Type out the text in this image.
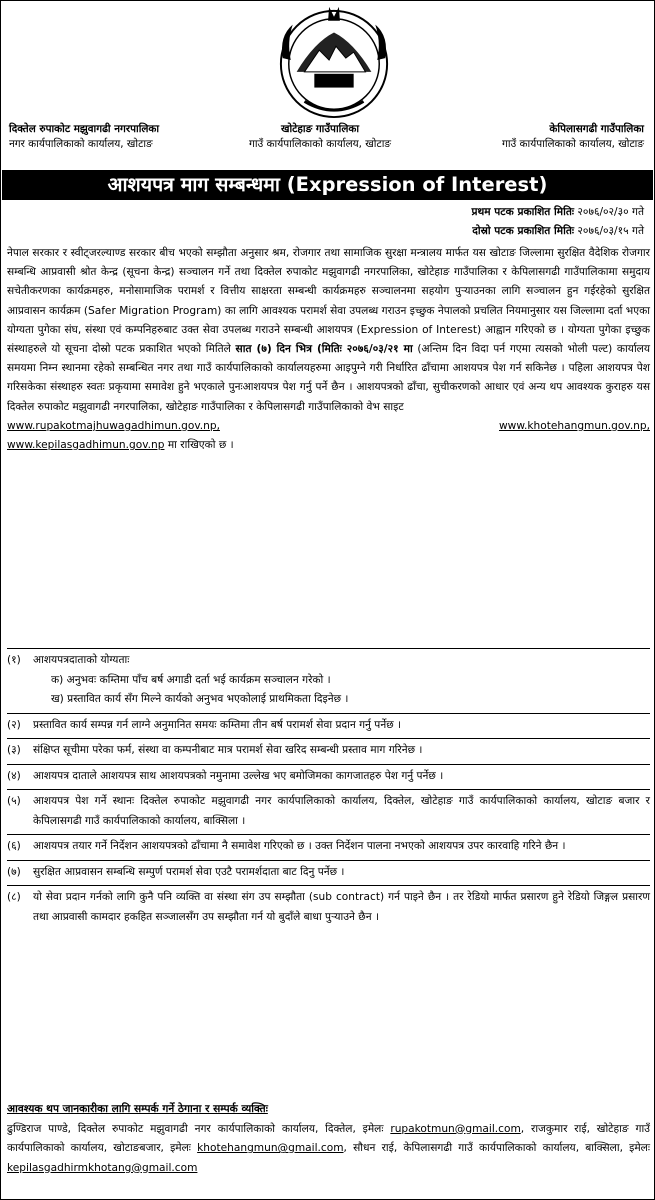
दिक्तेल रुपाकोट मझुवागढी नगरपालिका
नगर कार्यपालिकाको कार्यालय, खोटाङ
खोटेहाङ गाउँपालिका
गाउँ कार्यपालिकाको कार्यालय, खोटाङ
केपिलासगढी गाउँपालिका
गाउँ कार्यपालिकाको कार्यालय, खोटाङ
आशयपत्र माग सम्बन्धमा (Expression of Interest)
प्रथम पटक प्रकाशित मितिः २०७६/०२/३० गते
दोस्रो पटक प्रकाशित मितिः २०७६/०३/१५ गते
नेपाल सरकार र स्वीट्जरल्याण्ड सरकार बीच भएको सम्झौता अनुसार श्रम, रोजगार तथा सामाजिक सुरक्षा मन्त्रालय मार्फत यस खोटाङ जिल्लामा सुरक्षित वैदेशिक रोजगार सम्बन्धि आप्रवासी श्रोत केन्द्र (सूचना केन्द्र) सञ्चालन गर्ने तथा दिक्तेल रुपाकोट मझुवागढी नगरपालिका, खोटेहाङ गाउँपालिका र केपिलासगढी गाउँपालिकामा समुदाय सचेतीकरणका कार्यक्रमहरु, मनोसामाजिक परामर्श र वित्तीय साक्षरता सम्बन्धी कार्यक्रमहरु सञ्चालनमा सहयोग पुऱ्याउनका लागि सञ्चालन हुन गईरहेको सुरक्षित आप्रवासन कार्यक्रम (Safer Migration Program) का लागि आवश्यक परामर्श सेवा उपलब्ध गराउन इच्छुक नेपालको प्रचलित नियमानुसार यस जिल्लामा दर्ता भएका योग्यता पुगेका संघ, संस्था एवं कम्पनिहरुबाट उक्त सेवा उपलब्ध गराउने सम्बन्धी आशयपत्र (Expression of Interest) आह्वान गरिएको छ । योग्यता पुगेका इच्छुक संस्थाहरुले यो सूचना दोस्रो पटक प्रकाशित भएको मितिले सात (७) दिन भित्र (मितिः २०७६/०३/२१ मा (अन्तिम दिन विदा पर्न गएमा त्यसको भोली पल्ट) कार्यालय समयमा निम्न स्थानमा रहेको सम्बन्धित नगर तथा गाउँ कार्यपालिकाको कार्यालयहरुमा आइपुग्ने गरी निर्धारित ढाँचामा आशयपत्र पेश गर्न सकिनेछ । पहिला आशयपत्र पेश गरिसकेका संस्थाहरु स्वतः प्रकृयामा समावेश हुने भएकाले पुनःआशयपत्र पेश गर्नु पर्ने छैन । आशयपत्रको ढाँचा, सुचीकरणको आधार एवं अन्य थप आवश्यक कुराहरु यस दिक्तेल रुपाकोट मझुवागढी नगरपालिका, खोटेहाङ गाउँपालिका र केपिलासगढी गाउँपालिकाको वेभ साइट
www.rupakotmajhuwagadhimun.gov.np,	www.khotehangmun.gov.np,
www.kepilasgadhimun.gov.np मा राखिएको छ ।
(१)	आशयपत्रदाताको योग्यताः
क) अनुभवः कम्तिमा पाँच बर्ष अगाडी दर्ता भई कार्यक्रम सञ्चालन गरेको ।
ख) प्रस्तावित कार्य सँग मिल्ने कार्यको अनुभव भएकोलाई प्राथमिकता दिइनेछ ।
(२)	प्रस्तावित कार्य सम्पन्न गर्न लाग्ने अनुमानित समयः कम्तिमा तीन बर्ष परामर्श सेवा प्रदान गर्नु पर्नेछ ।
(३)	संक्षिप्त सूचीमा परेका फर्म, संस्था वा कम्पनीबाट मात्र परामर्श सेवा खरिद सम्बन्धी प्रस्ताव माग गरिनेछ ।
(४)	आशयपत्र दाताले आशयपत्र साथ आशयपत्रको नमुनामा उल्लेख भए बमोजिमका कागजातहरु पेश गर्नु पर्नेछ ।
(५)	आशयपत्र पेश गर्ने स्थानः दिक्तेल रुपाकोट मझुवागढी नगर कार्यपालिकाको कार्यालय, दिक्तेल, खोटेहाङ गाउँ कार्यपालिकाको कार्यालय, खोटाङ बजार र केपिलासगढी गाउँ कार्यपालिकाको कार्यालय, बाक्सिला ।
(६)	आशयपत्र तयार गर्ने निर्देशन आशयपत्रको ढाँचामा नै समावेश गरिएको छ । उक्त निर्देशन पालना नभएको आशयपत्र उपर कारवाहि गरिने छैन ।
(७)	सुरक्षित आप्रवासन सम्बन्धि सम्पुर्ण परामर्श सेवा एउटै परामर्शदाता बाट दिनु पर्नेछ ।
(८)	यो सेवा प्रदान गर्नको लागि कुनै पनि व्यक्ति वा संस्था संग उप सम्झौता (sub contract) गर्न पाइने छैन । तर रेडियो मार्फत प्रसारण हुने रेडियो जिङ्गल प्रसारण तथा आप्रवासी कामदार हकहित सञ्जालसँग उप सम्झौता गर्न यो बुदाँले बाधा पुऱ्याउने छैन ।
आवश्यक थप जानकारीका लागि सम्पर्क गर्ने ठेगाना र सम्पर्क व्यक्तिः
ढुण्डिराज पाण्डे, दिक्तेल रुपाकोट मझुवागढी नगर कार्यपालिकाको कार्यालय, दिक्तेल, इमेलः rupakotmun@gmail.com, राजकुमार राई, खोटेहाङ गाउँ कार्यपालिकाको कार्यालय, खोटाङबजार, इमेलः khotehangmun@gmail.com, सौधन राई, केपिलासगढी गाउँ कार्यपालिकाको कार्यालय, बाक्सिला, इमेलः kepilasgadhirmkhotang@gmail.com
